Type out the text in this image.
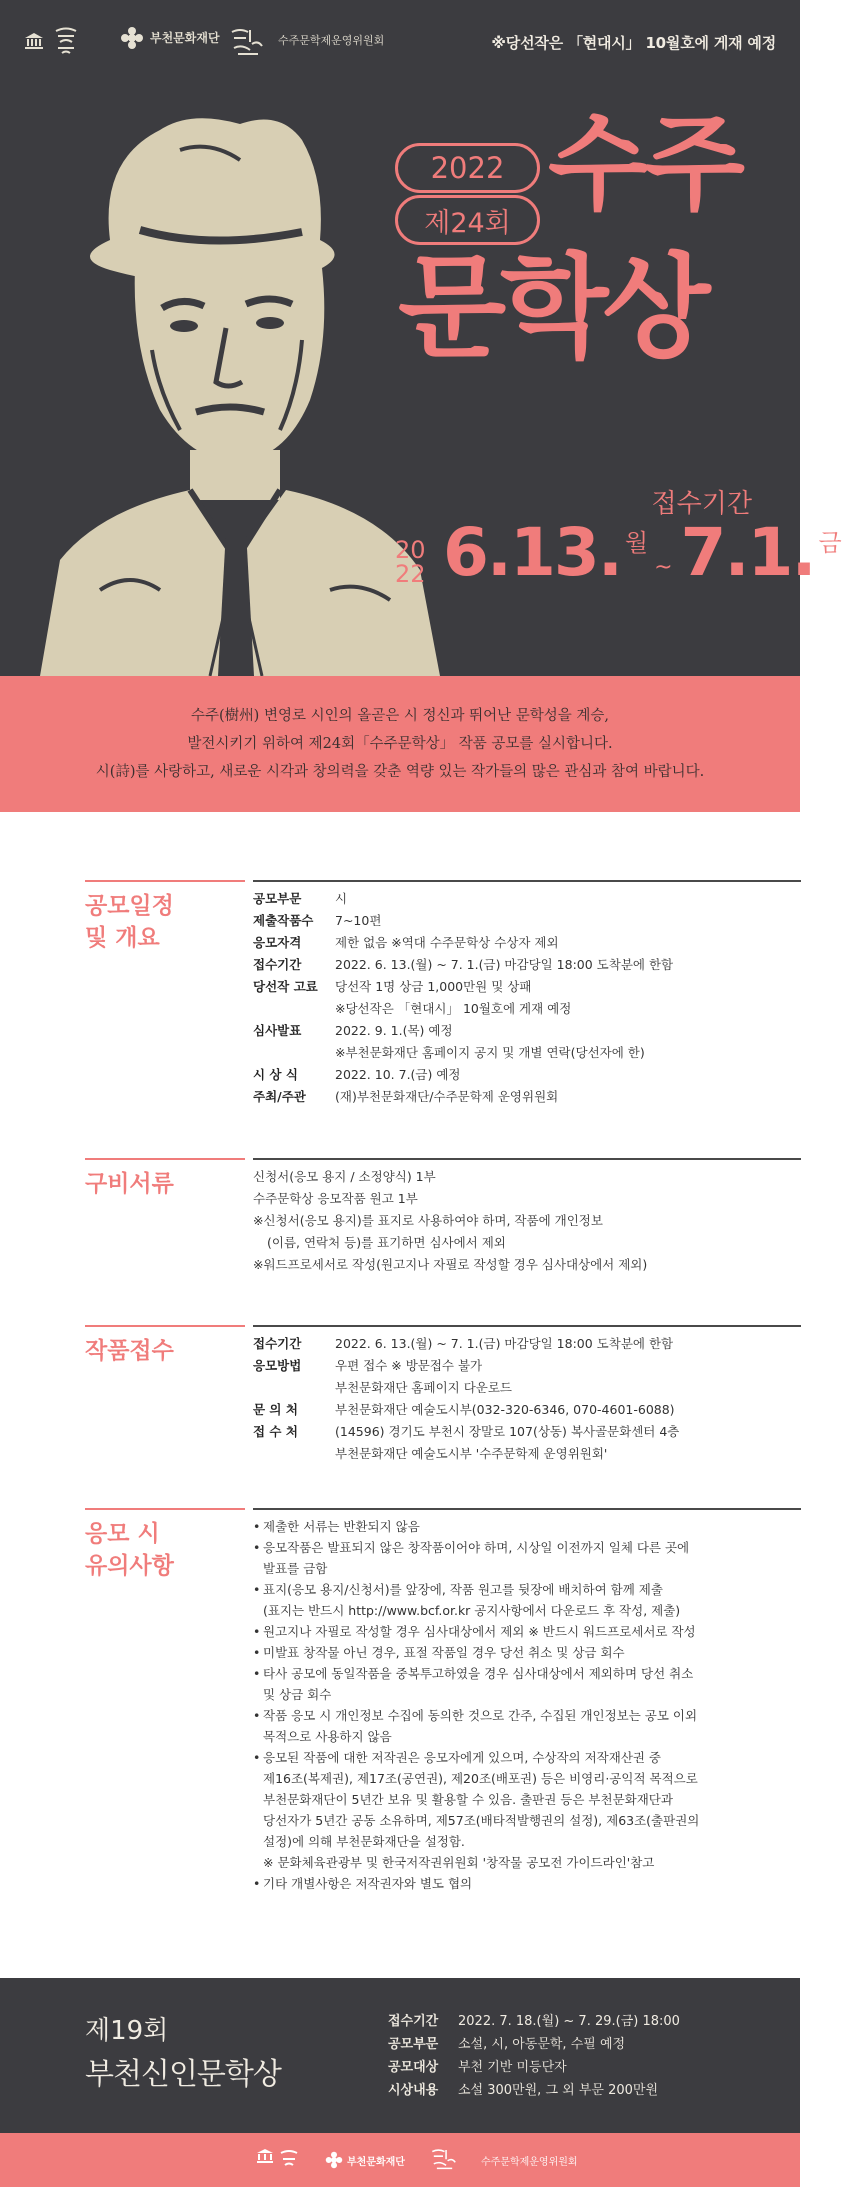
부천문화재단	수주문학제운영위원회	※당선작은 「현대시」 10월호에 게재 예정
2022
제24회 수주
문학상
접수기간
20
22 6.13. 월
~ 7.1. 금

수주(樹州) 변영로 시인의 올곧은 시 정신과 뛰어난 문학성을 계승,

발전시키기 위하여 제24회「수주문학상」 작품 공모를 실시합니다.

시(詩)를 사랑하고, 새로운 시각과 창의력을 갖춘 역량 있는 작가들의 많은 관심과 참여 바랍니다.

공모일정
및 개요
공모부문	시
제출작품수	7~10편
응모자격	제한 없음 ※역대 수주문학상 수상자 제외
접수기간	2022. 6. 13.(월) ~ 7. 1.(금) 마감당일 18:00 도착분에 한함
당선작 고료	당선작 1명 상금 1,000만원 및 상패
※당선작은 「현대시」 10월호에 게재 예정
심사발표	2022. 9. 1.(목) 예정
※부천문화재단 홈페이지 공지 및 개별 연락(당선자에 한)
시 상 식	2022. 10. 7.(금) 예정
주최/주관	(재)부천문화재단/수주문학제 운영위원회
구비서류	신청서(응모 용지 / 소정양식) 1부
수주문학상 응모작품 원고 1부
※신청서(응모 용지)를 표지로 사용하여야 하며, 작품에 개인정보
(이름, 연락처 등)를 표기하면 심사에서 제외
※워드프로세서로 작성(원고지나 자필로 작성할 경우 심사대상에서 제외)
작품접수	접수기간	2022. 6. 13.(월) ~ 7. 1.(금) 마감당일 18:00 도착분에 한함
응모방법	우편 접수 ※ 방문접수 불가
부천문화재단 홈페이지 다운로드
문 의 처	부천문화재단 예술도시부(032-320-6346, 070-4601-6088)
접 수 처	(14596) 경기도 부천시 장말로 107(상동) 복사골문화센터 4층
부천문화재단 예술도시부 '수주문학제 운영위원회'
응모 시
유의사항
• 제출한 서류는 반환되지 않음
• 응모작품은 발표되지 않은 창작품이어야 하며, 시상일 이전까지 일체 다른 곳에
발표를 금함
• 표지(응모 용지/신청서)를 앞장에, 작품 원고를 뒷장에 배치하여 함께 제출
(표지는 반드시 http://www.bcf.or.kr 공지사항에서 다운로드 후 작성, 제출)
• 원고지나 자필로 작성할 경우 심사대상에서 제외 ※ 반드시 워드프로세서로 작성
• 미발표 창작물 아닌 경우, 표절 작품일 경우 당선 취소 및 상금 회수
• 타사 공모에 동일작품을 중복투고하였을 경우 심사대상에서 제외하며 당선 취소
및 상금 회수
• 작품 응모 시 개인정보 수집에 동의한 것으로 간주, 수집된 개인정보는 공모 이외
목적으로 사용하지 않음
• 응모된 작품에 대한 저작권은 응모자에게 있으며, 수상작의 저작재산권 중
제16조(복제권), 제17조(공연권), 제20조(배포권) 등은 비영리·공익적 목적으로
부천문화재단이 5년간 보유 및 활용할 수 있음. 출판권 등은 부천문화재단과
당선자가 5년간 공동 소유하며, 제57조(배타적발행권의 설정), 제63조(출판권의
설정)에 의해 부천문화재단을 설정함.
※ 문화체육관광부 및 한국저작권위원회 '창작물 공모전 가이드라인'참고
• 기타 개별사항은 저작권자와 별도 협의
제19회
부천신인문학상
접수기간	2022. 7. 18.(월) ~ 7. 29.(금) 18:00
공모부문	소설, 시, 아동문학, 수필 예정
공모대상	부천 기반 미등단자
시상내용	소설 300만원, 그 외 부문 200만원
부천문화재단	수주문학제운영위원회
